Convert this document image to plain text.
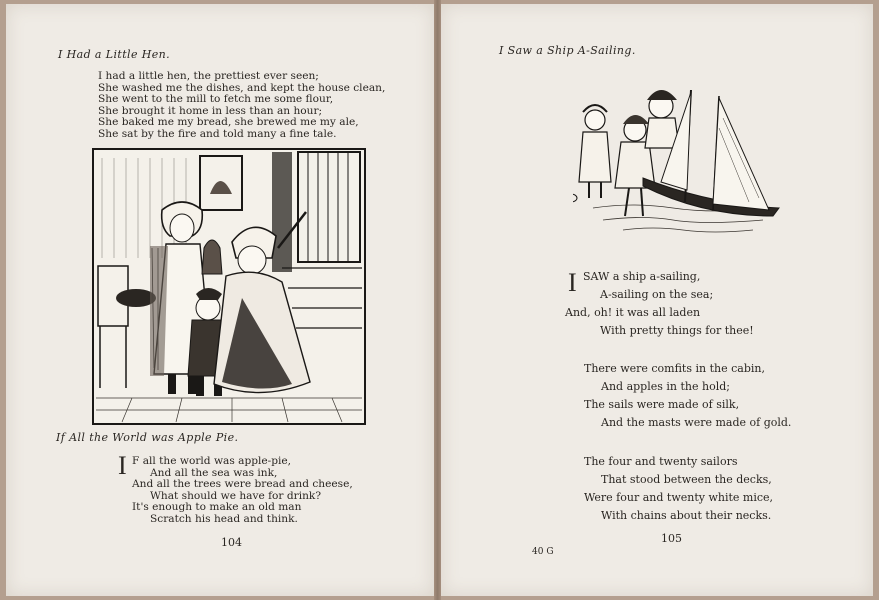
I Had a Little Hen.
I had a little hen, the prettiest ever seen;
She washed me the dishes, and kept the house clean,
She went to the mill to fetch me some flour,
She brought it home in less than an hour;
She baked me my bread, she brewed me my ale,
She sat by the fire and told many a fine tale.
If All the World was Apple Pie.
I F all the world was apple-pie,
And all the sea was ink,
And all the trees were bread and cheese,
What should we have for drink?
It's enough to make an old man
Scratch his head and think.
104
I Saw a Ship A-Sailing.
I SAW a ship a-sailing,
A-sailing on the sea;
And, oh! it was all laden
With pretty things for thee!
There were comfits in the cabin,
And apples in the hold;
The sails were made of silk,
And the masts were made of gold.
The four and twenty sailors
That stood between the decks,
Were four and twenty white mice,
With chains about their necks.
40 G
105
